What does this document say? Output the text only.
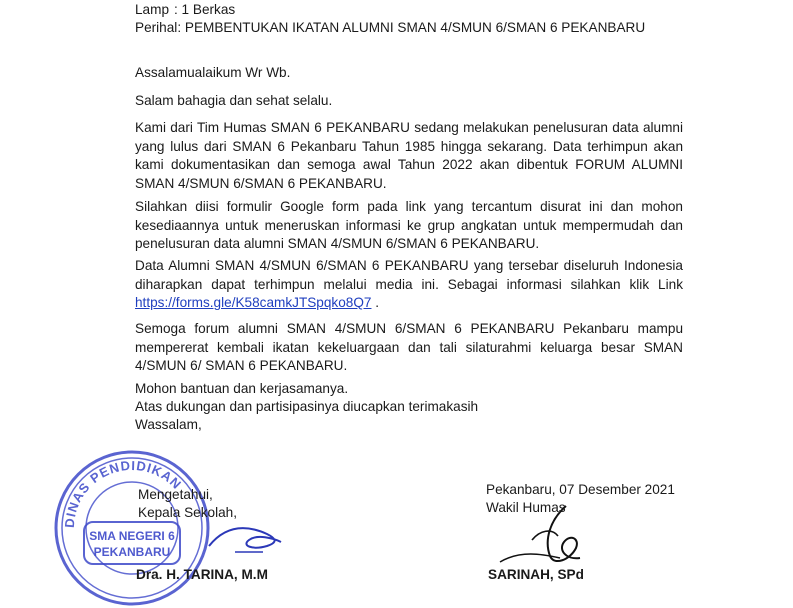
Lamp : 1 Berkas
Perihal: PEMBENTUKAN IKATAN ALUMNI SMAN 4/SMUN 6/SMAN 6 PEKANBARU
Assalamualaikum Wr Wb.
Salam bahagia dan sehat selalu.
Kami dari Tim Humas SMAN 6 PEKANBARU sedang melakukan penelusuran data alumni yang lulus dari SMAN 6 Pekanbaru Tahun 1985 hingga sekarang. Data terhimpun akan kami dokumentasikan dan semoga awal Tahun 2022 akan dibentuk FORUM ALUMNI SMAN 4/SMUN 6/SMAN 6 PEKANBARU.
Silahkan diisi formulir Google form pada link yang tercantum disurat ini dan mohon kesediaannya untuk meneruskan informasi ke grup angkatan untuk mempermudah dan penelusuran data alumni SMAN 4/SMUN 6/SMAN 6 PEKANBARU.
Data Alumni SMAN 4/SMUN 6/SMAN 6 PEKANBARU yang tersebar diseluruh Indonesia diharapkan dapat terhimpun melalui media ini. Sebagai informasi silahkan klik Link https://forms.gle/K58camkJTSpqko8Q7 .
Semoga forum alumni SMAN 4/SMUN 6/SMAN 6 PEKANBARU Pekanbaru mampu mempererat kembali ikatan kekeluargaan dan tali silaturahmi keluarga besar SMAN 4/SMUN 6/ SMAN 6 PEKANBARU.
Mohon bantuan dan kerjasamanya.
Atas dukungan dan partisipasinya diucapkan terimakasih
Wassalam,
DINAS PENDIDIKAN
SMA NEGERI 6
PEKANBARU
Mengetahui,
Kepala Sekolah,
Dra. H. TARINA, M.M
Pekanbaru, 07 Desember 2021
Wakil Humas
SARINAH, SPd
